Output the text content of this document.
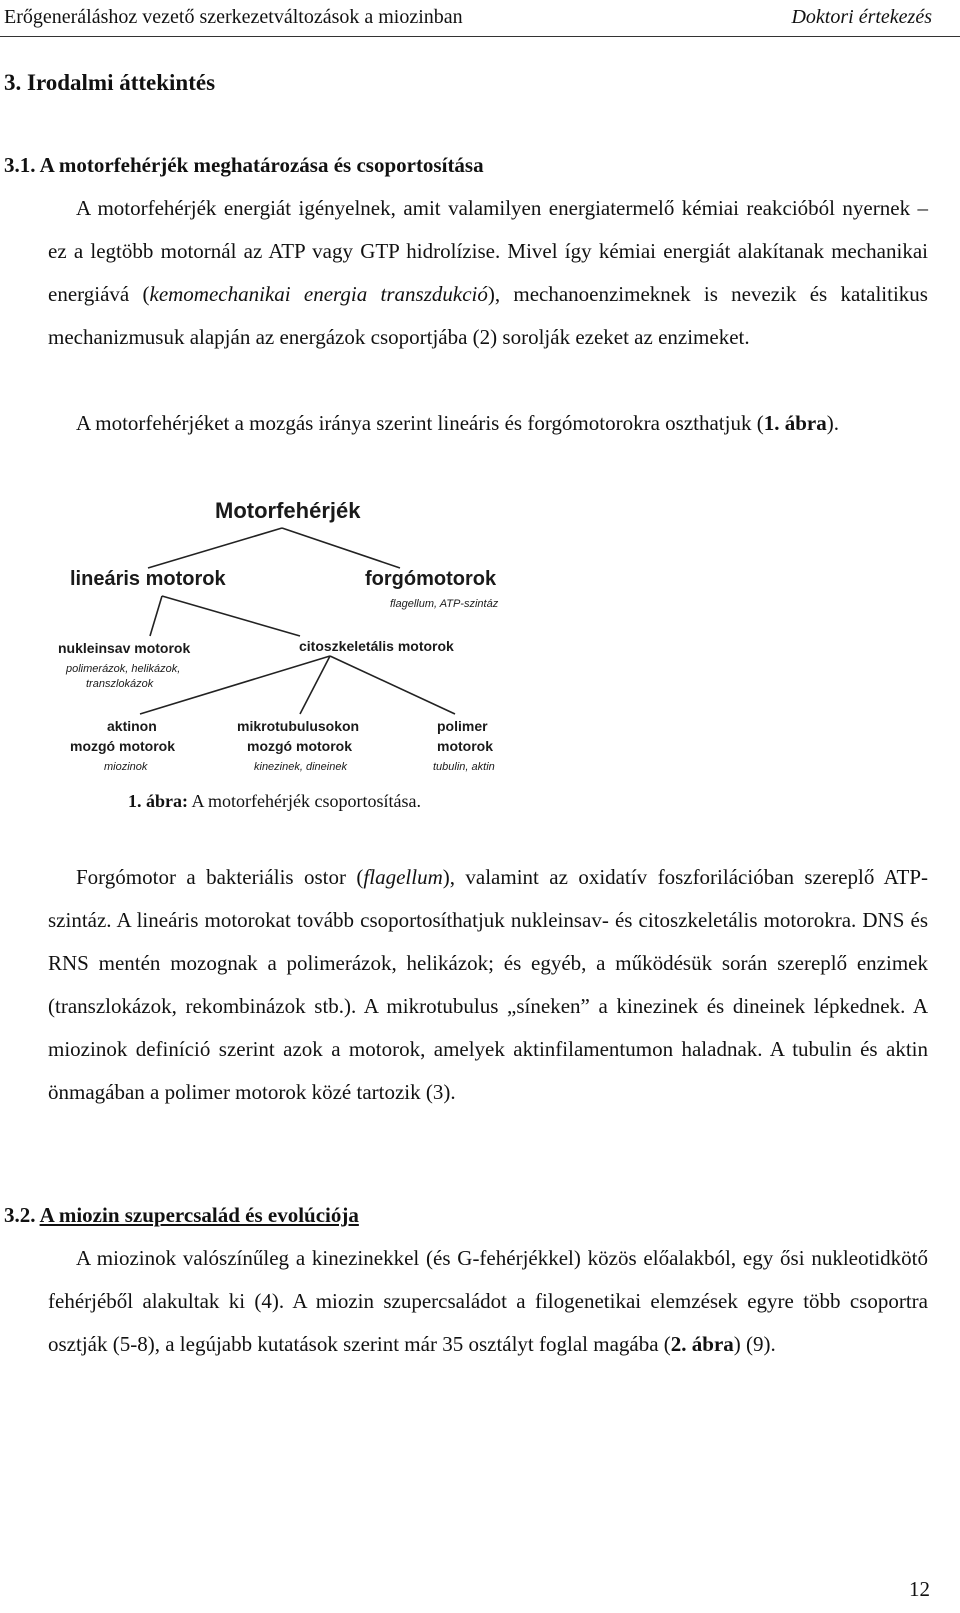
Erőgeneráláshoz vezető szerkezetváltozások a miozinban	Doktori értekezés
3. Irodalmi áttekintés
3.1. A motorfehérjék meghatározása és csoportosítása

A motorfehérjék energiát igényelnek, amit valamilyen energiatermelő kémiai reakcióból nyernek – ez a legtöbb motornál az ATP vagy GTP hidrolízise. Mivel így kémiai energiát alakítanak mechanikai energiává (kemomechanikai energia transzdukció), mechanoenzimeknek is nevezik és katalitikus mechanizmusuk alapján az energázok csoportjába (2) sorolják ezeket az enzimeket.

A motorfehérjéket a mozgás iránya szerint lineáris és forgómotorokra oszthatjuk (1. ábra).

Motorfehérjék
lineáris motorok	forgómotorok
flagellum, ATP-szintáz
nukleinsav motorok
polimerázok, helikázok,
transzlokázok
citoszkeletális motorok
aktinon
mozgó motorok
miozinok
mikrotubulusokon
mozgó motorok
kinezinek, dineinek
polimer
motorok
tubulin, aktin
1. ábra: A motorfehérjék csoportosítása.

Forgómotor a bakteriális ostor (flagellum), valamint az oxidatív foszforilációban szereplő ATP-szintáz. A lineáris motorokat tovább csoportosíthatjuk nukleinsav- és citoszkeletális motorokra. DNS és RNS mentén mozognak a polimerázok, helikázok; és egyéb, a működésük során szereplő enzimek (transzlokázok, rekombinázok stb.). A mikrotubulus „síneken” a kinezinek és dineinek lépkednek. A miozinok definíció szerint azok a motorok, amelyek aktinfilamentumon haladnak. A tubulin és aktin önmagában a polimer motorok közé tartozik (3).

3.2. A miozin szupercsalád és evolúciója

A miozinok valószínűleg a kinezinekkel (és G-fehérjékkel) közös előalakból, egy ősi nukleotidkötő fehérjéből alakultak ki (4). A miozin szupercsaládot a filogenetikai elemzések egyre több csoportra osztják (5-8), a legújabb kutatások szerint már 35 osztályt foglal magába (2. ábra) (9).

12
